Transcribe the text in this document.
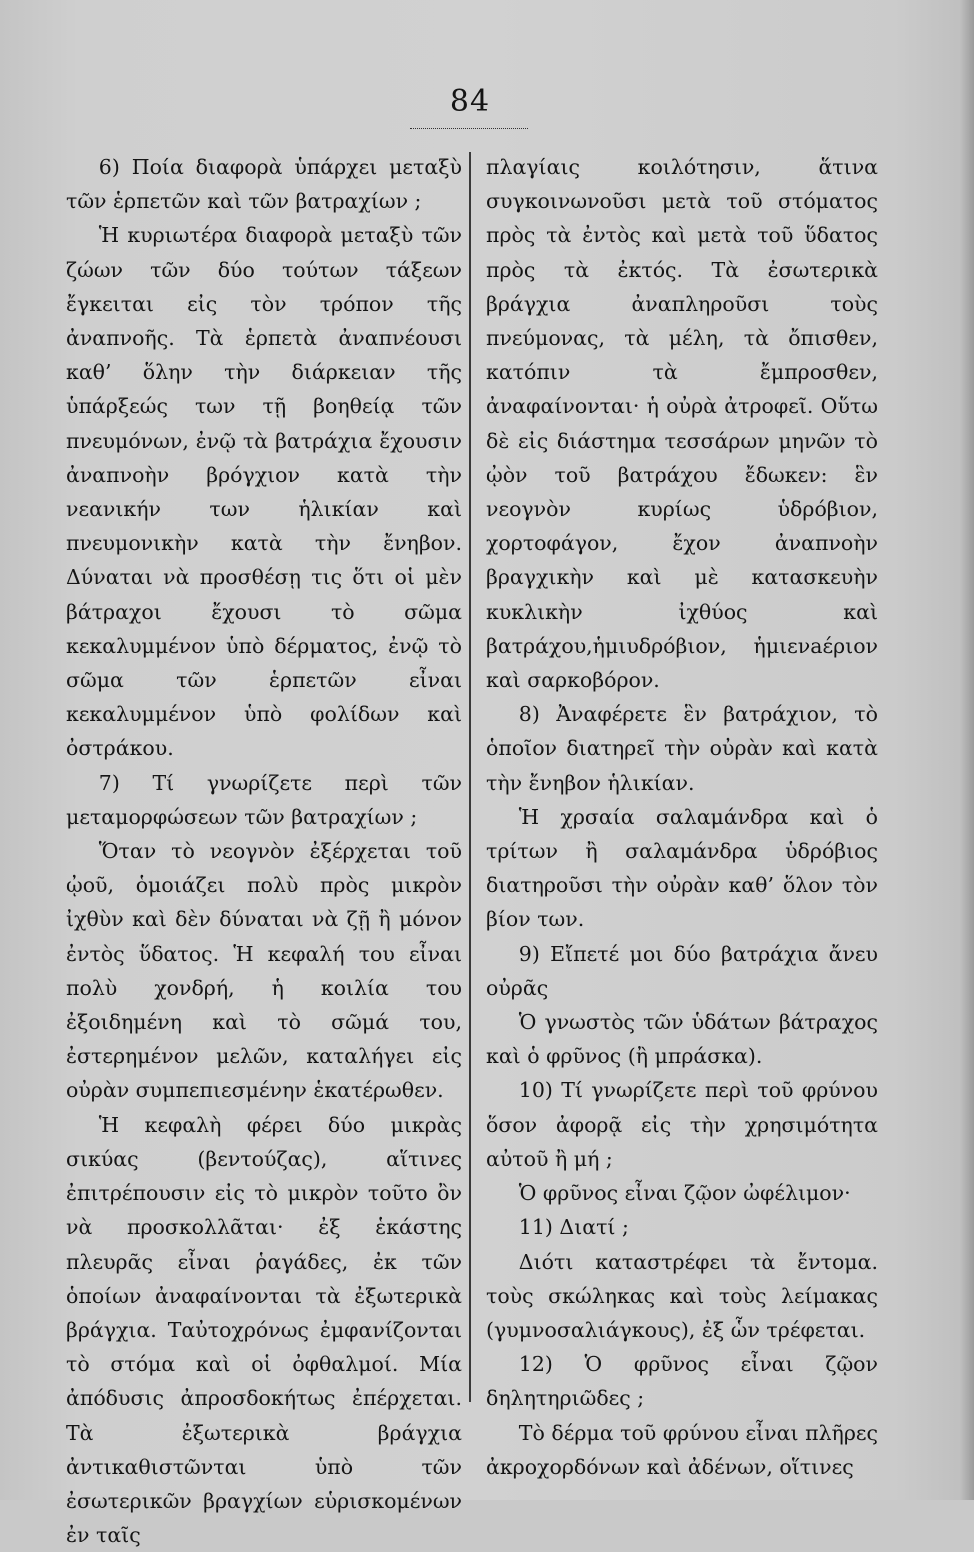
84

6) Ποία διαφορὰ ὑπάρχει μεταξὺ τῶν ἑρπετῶν καὶ τῶν βατραχίων ;

Ἡ κυριωτέρα διαφορὰ μεταξὺ τῶν ζώων τῶν δύο τούτων τάξεων ἔγκειται εἰς τὸν τρόπον τῆς ἀναπνοῆς. Τὰ ἑρπετὰ ἀναπνέουσι καθ’ ὅλην τὴν διάρκειαν τῆς ὑπάρξεώς των τῇ βοηθείᾳ τῶν πνευμόνων, ἐνῷ τὰ βατράχια ἔχουσιν ἀναπνοὴν βρόγχιον κατὰ τὴν νεανικήν των ἡλικίαν καὶ πνευμονικὴν κατὰ τὴν ἔνηβον. Δύναται νὰ προσθέσῃ τις ὅτι οἱ μὲν βάτραχοι ἔχουσι τὸ σῶμα κεκαλυμμένον ὑπὸ δέρματος, ἐνῷ τὸ σῶμα τῶν ἑρπετῶν εἶναι κεκαλυμμένον ὑπὸ φολίδων καὶ ὀστράκου.

7) Τί γνωρίζετε περὶ τῶν μεταμορφώσεων τῶν βατραχίων ;

Ὅταν τὸ νεογνὸν ἐξέρχεται τοῦ ᾠοῦ, ὁμοιάζει πολὺ πρὸς μικρὸν ἰχθὺν καὶ δὲν δύναται νὰ ζῇ ἢ μόνον ἐντὸς ὕδατος. Ἡ κεφαλή του εἶναι πολὺ χονδρή, ἡ κοιλία του ἐξοιδημένη καὶ τὸ σῶμά του, ἐστερημένον μελῶν, καταλήγει εἰς οὐρὰν συμπεπιεσμένην ἑκατέρωθεν.

Ἡ κεφαλὴ φέρει δύο μικρὰς σικύας (βεντούζας), αἵτινες ἐπιτρέπουσιν εἰς τὸ μικρὸν τοῦτο ὂν νὰ προσκολλᾶται· ἐξ ἑκάστης πλευρᾶς εἶναι ῥαγάδες, ἐκ τῶν ὁποίων ἀναφαίνονται τὰ ἐξωτερικὰ βράγχια. Ταὐτοχρόνως ἐμφανίζονται τὸ στόμα καὶ οἱ ὀφθαλμοί. Μία ἀπόδυσις ἀπροσδοκήτως ἐπέρχεται. Τὰ ἐξωτερικὰ βράγχια ἀντικαθιστῶνται ὑπὸ τῶν ἐσωτερικῶν βραγχίων εὑρισκομένων ἐν ταῖς

πλαγίαις κοιλότησιν, ἅτινα συγκοινωνοῦσι μετὰ τοῦ στόματος πρὸς τὰ ἐντὸς καὶ μετὰ τοῦ ὕδατος πρὸς τὰ ἐκτός. Τὰ ἐσωτερικὰ βράγχια ἀναπληροῦσι τοὺς πνεύμονας, τὰ μέλη, τὰ ὄπισθεν, κατόπιν τὰ ἔμπροσθεν, ἀναφαίνονται· ἡ οὐρὰ ἀτροφεῖ. Οὕτω δὲ εἰς διάστημα τεσσάρων μηνῶν τὸ ᾠὸν τοῦ βατράχου ἔδωκεν: ἓν νεογνὸν κυρίως ὑδρόβιον, χορτοφάγον, ἔχον ἀναπνοὴν βραγχικὴν καὶ μὲ κατασκευὴν κυκλικὴν ἰχθύος καὶ βατράχου,ἡμιυδρόβιον, ἡμιενaέριον καὶ σαρκοβόρον.

8) Ἀναφέρετε ἓν βατράχιον, τὸ ὁποῖον διατηρεῖ τὴν οὐρὰν καὶ κατὰ τὴν ἔνηβον ἡλικίαν.

Ἡ χρσαία σαλαμάνδρα καὶ ὁ τρίτων ἢ σαλαμάνδρα ὑδρόβιος διατηροῦσι τὴν οὐρὰν καθ’ ὅλον τὸν βίον των.

9) Εἴπετέ μοι δύο βατράχια ἄνευ οὐρᾶς

Ὁ γνωστὸς τῶν ὑδάτων βάτραχος καὶ ὁ φρῦνος (ἢ μπράσκα).

10) Τί γνωρίζετε περὶ τοῦ φρύνου ὅσον ἀφορᾷ εἰς τὴν χρησιμότητα αὐτοῦ ἢ μή ;

Ὁ φρῦνος εἶναι ζῷον ὠφέλιμον·

11) Διατί ;

Διότι καταστρέφει τὰ ἔντομα. τοὺς σκώληκας καὶ τοὺς λείμακας (γυμνοσαλιάγκους), ἐξ ὧν τρέφεται.

12) Ὁ φρῦνος εἶναι ζῷον δηλητηριῶδες ;

Τὸ δέρμα τοῦ φρύνου εἶναι πλῆρες ἀκροχορδόνων καὶ ἀδένων, οἵτινες
